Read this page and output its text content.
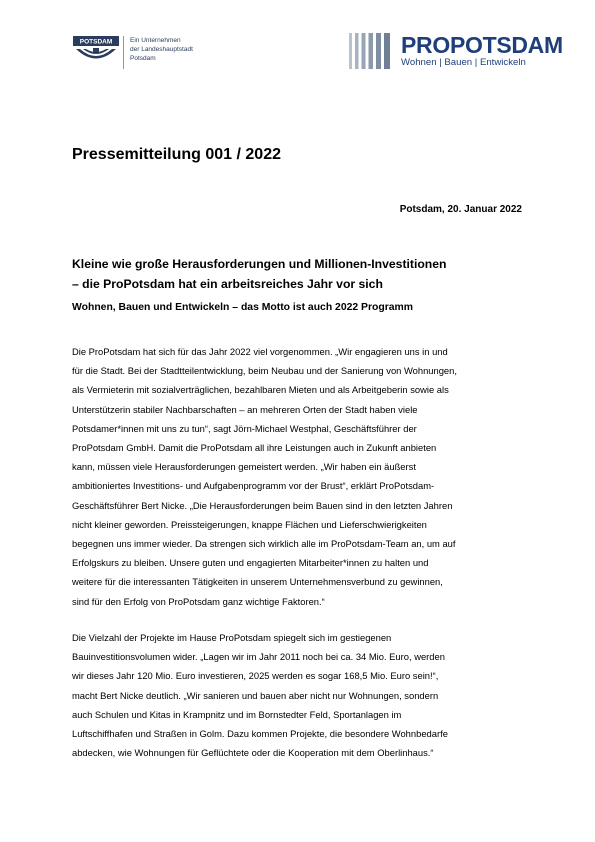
POTSDAM	Ein Unternehmen
der Landeshauptstadt
Potsdam
PROPOTSDAM
Wohnen | Bauen | Entwickeln
Pressemitteilung 001 / 2022
Potsdam, 20. Januar 2022
Kleine wie große Herausforderungen und Millionen-Investitionen
– die ProPotsdam hat ein arbeitsreiches Jahr vor sich
Wohnen, Bauen und Entwickeln – das Motto ist auch 2022 Programm
Die ProPotsdam hat sich für das Jahr 2022 viel vorgenommen. „Wir engagieren uns in und
für die Stadt. Bei der Stadtteilentwicklung, beim Neubau und der Sanierung von Wohnungen,
als Vermieterin mit sozialverträglichen, bezahlbaren Mieten und als Arbeitgeberin sowie als
Unterstützerin stabiler Nachbarschaften – an mehreren Orten der Stadt haben viele
Potsdamer*innen mit uns zu tun“, sagt Jörn-Michael Westphal, Geschäftsführer der
ProPotsdam GmbH. Damit die ProPotsdam all ihre Leistungen auch in Zukunft anbieten
kann, müssen viele Herausforderungen gemeistert werden. „Wir haben ein äußerst
ambitioniertes Investitions- und Aufgabenprogramm vor der Brust“, erklärt ProPotsdam-
Geschäftsführer Bert Nicke. „Die Herausforderungen beim Bauen sind in den letzten Jahren
nicht kleiner geworden. Preissteigerungen, knappe Flächen und Lieferschwierigkeiten
begegnen uns immer wieder. Da strengen sich wirklich alle im ProPotsdam-Team an, um auf
Erfolgskurs zu bleiben. Unsere guten und engagierten Mitarbeiter*innen zu halten und
weitere für die interessanten Tätigkeiten in unserem Unternehmensverbund zu gewinnen,
sind für den Erfolg von ProPotsdam ganz wichtige Faktoren.“
Die Vielzahl der Projekte im Hause ProPotsdam spiegelt sich im gestiegenen
Bauinvestitionsvolumen wider. „Lagen wir im Jahr 2011 noch bei ca. 34 Mio. Euro, werden
wir dieses Jahr 120 Mio. Euro investieren, 2025 werden es sogar 168,5 Mio. Euro sein!“,
macht Bert Nicke deutlich. „Wir sanieren und bauen aber nicht nur Wohnungen, sondern
auch Schulen und Kitas in Krampnitz und im Bornstedter Feld, Sportanlagen im
Luftschiffhafen und Straßen in Golm. Dazu kommen Projekte, die besondere Wohnbedarfe
abdecken, wie Wohnungen für Geflüchtete oder die Kooperation mit dem Oberlinhaus.“
